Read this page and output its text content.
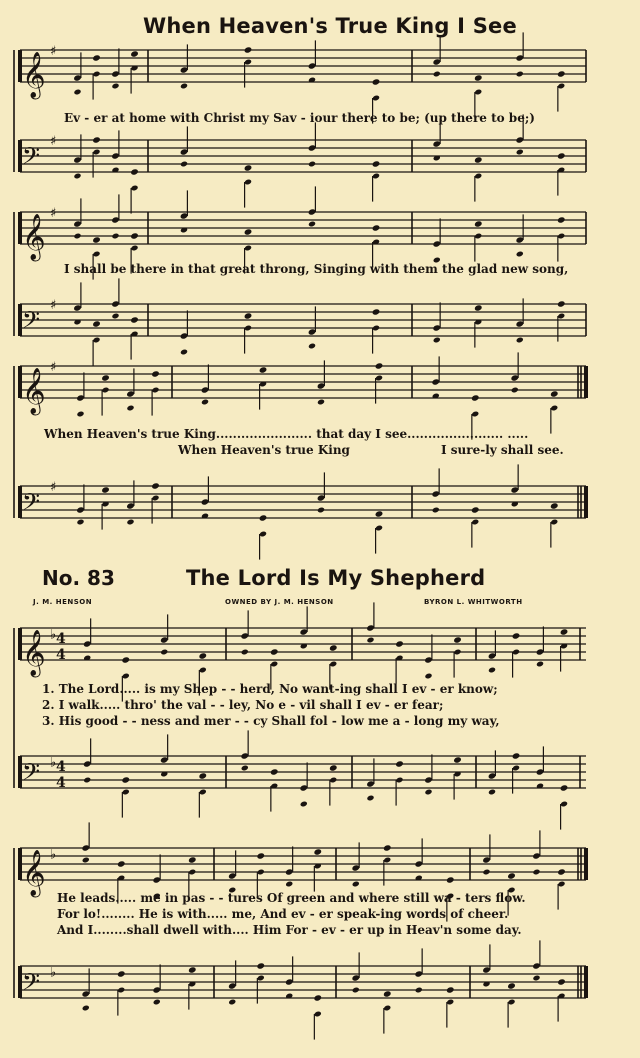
𝄞
♯
𝄢
♯
𝄞
♯
𝄢
♯
𝄞
♯
𝄢
♯
𝄞 ♭ 4
4
𝄢 ♭ 4
4
𝄞 ♭
𝄢 ♭
When Heaven's True King I See
Ev - er at home with Christ my Sav - iour there to be; (up there to be;)
I shall be there in that great throng, Singing with them the glad new song,
When Heaven's true King....................... that day I see....................... .....
When Heaven's true King	I sure-ly shall see.
No. 83	The Lord Is My Shepherd
J. M. HENSON	OWNED BY J. M. HENSON	BYRON L. WHITWORTH
1. The Lord..... is my Shep - - herd, No want-ing shall I ev - er know;
2. I walk..... thro' the val - - ley, No e - vil shall I ev - er fear;
3. His good - - ness and mer - - cy Shall fol - low me a - long my way,
He leads..... me in pas - - tures Of green and where still wa - ters flow.
For lo!........ He is with..... me, And ev - er speak-ing words of cheer.
And I........shall dwell with.... Him For - ev - er up in Heav'n some day.
